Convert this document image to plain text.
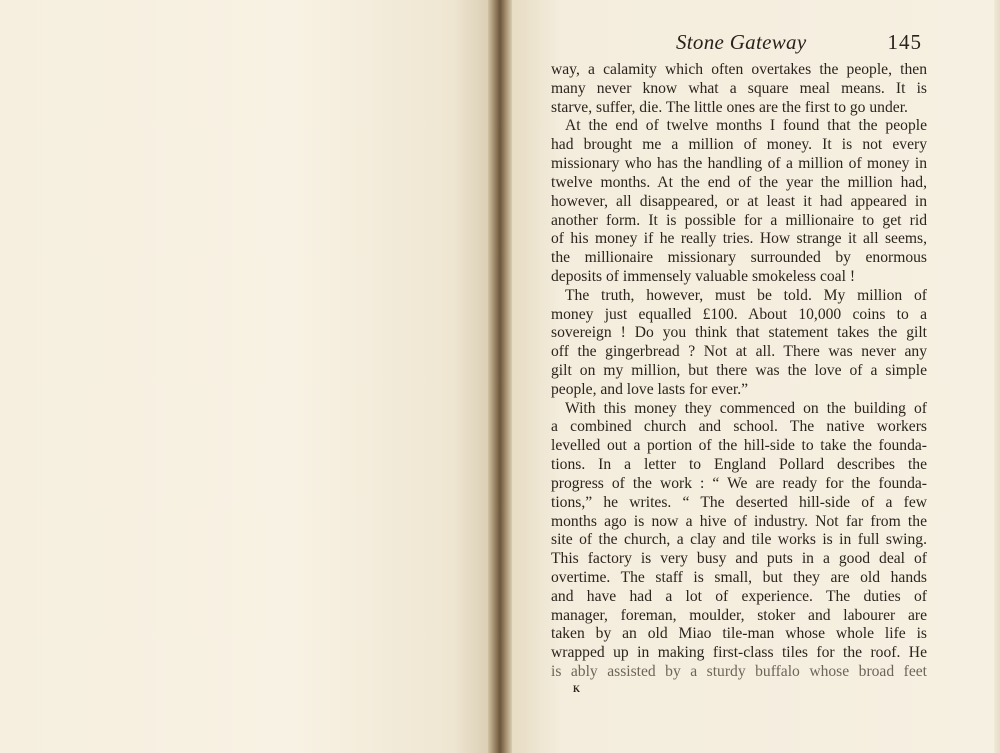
Stone Gateway	145
way, a calamity which often overtakes the people, then
many never know what a square meal means. It is
starve, suffer, die. The little ones are the first to go under.
At the end of twelve months I found that the people
had brought me a million of money. It is not every
missionary who has the handling of a million of money in
twelve months. At the end of the year the million had,
however, all disappeared, or at least it had appeared in
another form. It is possible for a millionaire to get rid
of his money if he really tries. How strange it all seems,
the millionaire missionary surrounded by enormous
deposits of immensely valuable smokeless coal !
The truth, however, must be told. My million of
money just equalled £100. About 10,000 coins to a
sovereign ! Do you think that statement takes the gilt
off the gingerbread ? Not at all. There was never any
gilt on my million, but there was the love of a simple
people, and love lasts for ever.”
With this money they commenced on the building of
a combined church and school. The native workers
levelled out a portion of the hill-side to take the founda-
tions. In a letter to England Pollard describes the
progress of the work : “ We are ready for the founda-
tions,” he writes. “ The deserted hill-side of a few
months ago is now a hive of industry. Not far from the
site of the church, a clay and tile works is in full swing.
This factory is very busy and puts in a good deal of
overtime. The staff is small, but they are old hands
and have had a lot of experience. The duties of
manager, foreman, moulder, stoker and labourer are
taken by an old Miao tile-man whose whole life is
wrapped up in making first-class tiles for the roof. He
is ably assisted by a sturdy buffalo whose broad feet
K
